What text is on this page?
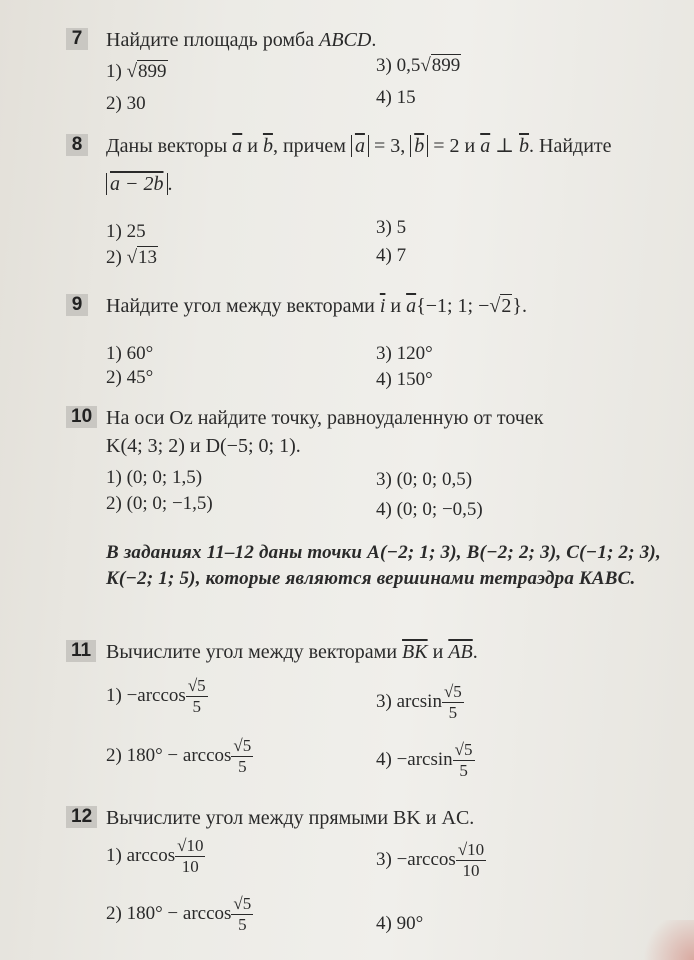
7 Найдите площадь ромба ABCD.
1) √899	3) 0,5√899
2) 30	4) 15
8 Даны векторы $\overline{a}$ и $\overline{b}$, причем $\overline{a} = 3$, $\overline{b} = 2$ и $\overline{a}$ ⊥ $\overline{b}$. Найдите
a − 2b .
1) 25	3) 5
2) √13	4) 7
9 Найдите угол между векторами $\overline{i}$ и $\overline{a}\{-1$; 1; −√2}.
1) 60°	3) 120°
2) 45°	4) 150°
10 На оси Oz найдите точку, равноудаленную от точек
K(4; 3; 2) и D(−5; 0; 1).
1) (0; 0; 1,5)	3) (0; 0; 0,5)
2) (0; 0; −1,5)	4) (0; 0; −0,5)
В заданиях 11–12 даны точки A(−2; 1; 3), B(−2; 2; 3), C(−1; 2; 3), K(−2; 1; 5), которые являются вершинами тетраэдра KABC.
11 Вычислите угол между векторами $\overline{BK}$ и $\overline{AB}$.
$1) -\arccos \frac{√5}{5}$	3) $\arcsin \frac{√5}{5}$
2) $180^\circ - \arccos \frac{√5}{5}$	$4) -\arcsin \frac{√5}{5}$
12 Вычислите угол между прямыми BK и AC.
1) $\arccos \frac{√10}{10}$	$3) -\arccos \frac{√10}{10}$
2) $180^\circ - \arccos \frac{√5}{5}$	4) 90°
